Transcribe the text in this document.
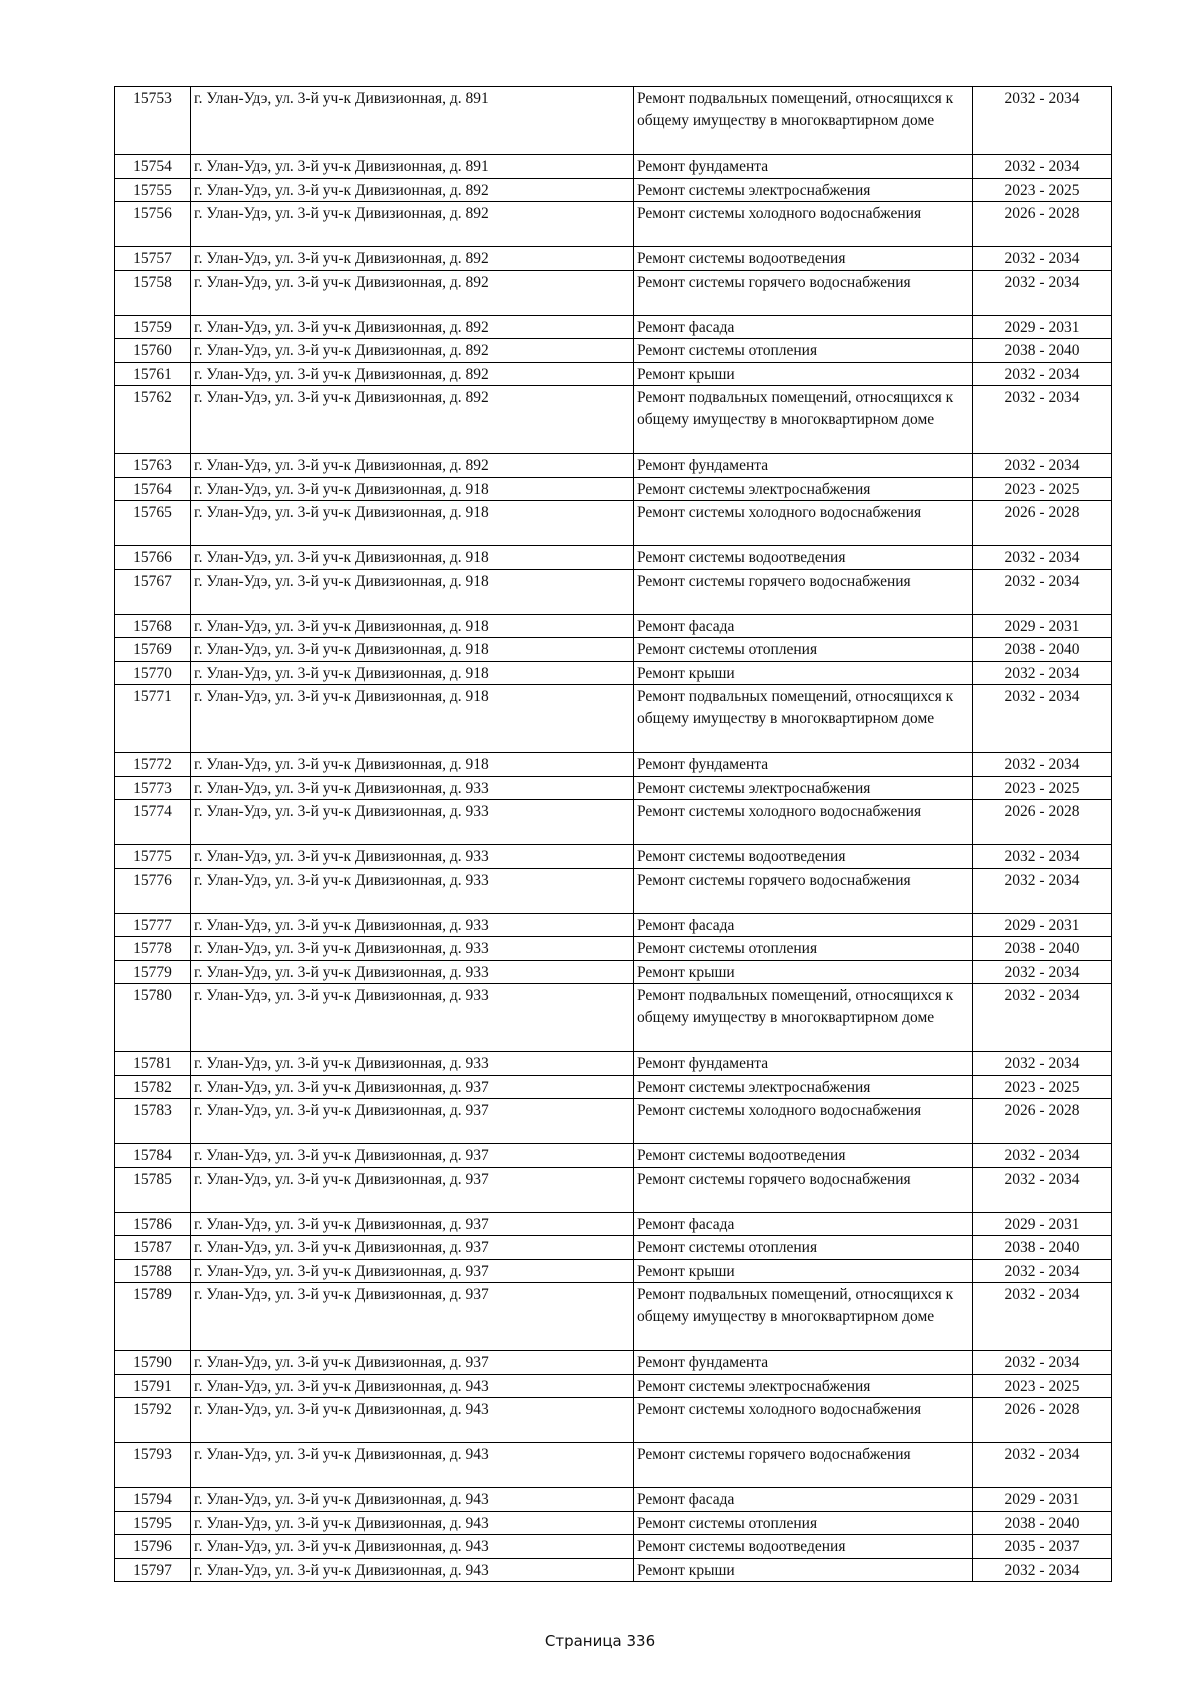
15753	г. Улан-Удэ, ул. 3-й уч-к Дивизионная, д. 891	Ремонт подвальных помещений, относящихся к общему имуществу в многоквартирном доме	2032 - 2034
15754	г. Улан-Удэ, ул. 3-й уч-к Дивизионная, д. 891	Ремонт фундамента	2032 - 2034
15755	г. Улан-Удэ, ул. 3-й уч-к Дивизионная, д. 892	Ремонт системы электроснабжения	2023 - 2025
15756	г. Улан-Удэ, ул. 3-й уч-к Дивизионная, д. 892	Ремонт системы холодного водоснабжения	2026 - 2028
15757	г. Улан-Удэ, ул. 3-й уч-к Дивизионная, д. 892	Ремонт системы водоотведения	2032 - 2034
15758	г. Улан-Удэ, ул. 3-й уч-к Дивизионная, д. 892	Ремонт системы горячего водоснабжения	2032 - 2034
15759	г. Улан-Удэ, ул. 3-й уч-к Дивизионная, д. 892	Ремонт фасада	2029 - 2031
15760	г. Улан-Удэ, ул. 3-й уч-к Дивизионная, д. 892	Ремонт системы отопления	2038 - 2040
15761	г. Улан-Удэ, ул. 3-й уч-к Дивизионная, д. 892	Ремонт крыши	2032 - 2034
15762	г. Улан-Удэ, ул. 3-й уч-к Дивизионная, д. 892	Ремонт подвальных помещений, относящихся к общему имуществу в многоквартирном доме	2032 - 2034
15763	г. Улан-Удэ, ул. 3-й уч-к Дивизионная, д. 892	Ремонт фундамента	2032 - 2034
15764	г. Улан-Удэ, ул. 3-й уч-к Дивизионная, д. 918	Ремонт системы электроснабжения	2023 - 2025
15765	г. Улан-Удэ, ул. 3-й уч-к Дивизионная, д. 918	Ремонт системы холодного водоснабжения	2026 - 2028
15766	г. Улан-Удэ, ул. 3-й уч-к Дивизионная, д. 918	Ремонт системы водоотведения	2032 - 2034
15767	г. Улан-Удэ, ул. 3-й уч-к Дивизионная, д. 918	Ремонт системы горячего водоснабжения	2032 - 2034
15768	г. Улан-Удэ, ул. 3-й уч-к Дивизионная, д. 918	Ремонт фасада	2029 - 2031
15769	г. Улан-Удэ, ул. 3-й уч-к Дивизионная, д. 918	Ремонт системы отопления	2038 - 2040
15770	г. Улан-Удэ, ул. 3-й уч-к Дивизионная, д. 918	Ремонт крыши	2032 - 2034
15771	г. Улан-Удэ, ул. 3-й уч-к Дивизионная, д. 918	Ремонт подвальных помещений, относящихся к общему имуществу в многоквартирном доме	2032 - 2034
15772	г. Улан-Удэ, ул. 3-й уч-к Дивизионная, д. 918	Ремонт фундамента	2032 - 2034
15773	г. Улан-Удэ, ул. 3-й уч-к Дивизионная, д. 933	Ремонт системы электроснабжения	2023 - 2025
15774	г. Улан-Удэ, ул. 3-й уч-к Дивизионная, д. 933	Ремонт системы холодного водоснабжения	2026 - 2028
15775	г. Улан-Удэ, ул. 3-й уч-к Дивизионная, д. 933	Ремонт системы водоотведения	2032 - 2034
15776	г. Улан-Удэ, ул. 3-й уч-к Дивизионная, д. 933	Ремонт системы горячего водоснабжения	2032 - 2034
15777	г. Улан-Удэ, ул. 3-й уч-к Дивизионная, д. 933	Ремонт фасада	2029 - 2031
15778	г. Улан-Удэ, ул. 3-й уч-к Дивизионная, д. 933	Ремонт системы отопления	2038 - 2040
15779	г. Улан-Удэ, ул. 3-й уч-к Дивизионная, д. 933	Ремонт крыши	2032 - 2034
15780	г. Улан-Удэ, ул. 3-й уч-к Дивизионная, д. 933	Ремонт подвальных помещений, относящихся к общему имуществу в многоквартирном доме	2032 - 2034
15781	г. Улан-Удэ, ул. 3-й уч-к Дивизионная, д. 933	Ремонт фундамента	2032 - 2034
15782	г. Улан-Удэ, ул. 3-й уч-к Дивизионная, д. 937	Ремонт системы электроснабжения	2023 - 2025
15783	г. Улан-Удэ, ул. 3-й уч-к Дивизионная, д. 937	Ремонт системы холодного водоснабжения	2026 - 2028
15784	г. Улан-Удэ, ул. 3-й уч-к Дивизионная, д. 937	Ремонт системы водоотведения	2032 - 2034
15785	г. Улан-Удэ, ул. 3-й уч-к Дивизионная, д. 937	Ремонт системы горячего водоснабжения	2032 - 2034
15786	г. Улан-Удэ, ул. 3-й уч-к Дивизионная, д. 937	Ремонт фасада	2029 - 2031
15787	г. Улан-Удэ, ул. 3-й уч-к Дивизионная, д. 937	Ремонт системы отопления	2038 - 2040
15788	г. Улан-Удэ, ул. 3-й уч-к Дивизионная, д. 937	Ремонт крыши	2032 - 2034
15789	г. Улан-Удэ, ул. 3-й уч-к Дивизионная, д. 937	Ремонт подвальных помещений, относящихся к общему имуществу в многоквартирном доме	2032 - 2034
15790	г. Улан-Удэ, ул. 3-й уч-к Дивизионная, д. 937	Ремонт фундамента	2032 - 2034
15791	г. Улан-Удэ, ул. 3-й уч-к Дивизионная, д. 943	Ремонт системы электроснабжения	2023 - 2025
15792	г. Улан-Удэ, ул. 3-й уч-к Дивизионная, д. 943	Ремонт системы холодного водоснабжения	2026 - 2028
15793	г. Улан-Удэ, ул. 3-й уч-к Дивизионная, д. 943	Ремонт системы горячего водоснабжения	2032 - 2034
15794	г. Улан-Удэ, ул. 3-й уч-к Дивизионная, д. 943	Ремонт фасада	2029 - 2031
15795	г. Улан-Удэ, ул. 3-й уч-к Дивизионная, д. 943	Ремонт системы отопления	2038 - 2040
15796	г. Улан-Удэ, ул. 3-й уч-к Дивизионная, д. 943	Ремонт системы водоотведения	2035 - 2037
15797	г. Улан-Удэ, ул. 3-й уч-к Дивизионная, д. 943	Ремонт крыши	2032 - 2034
Страница 336
